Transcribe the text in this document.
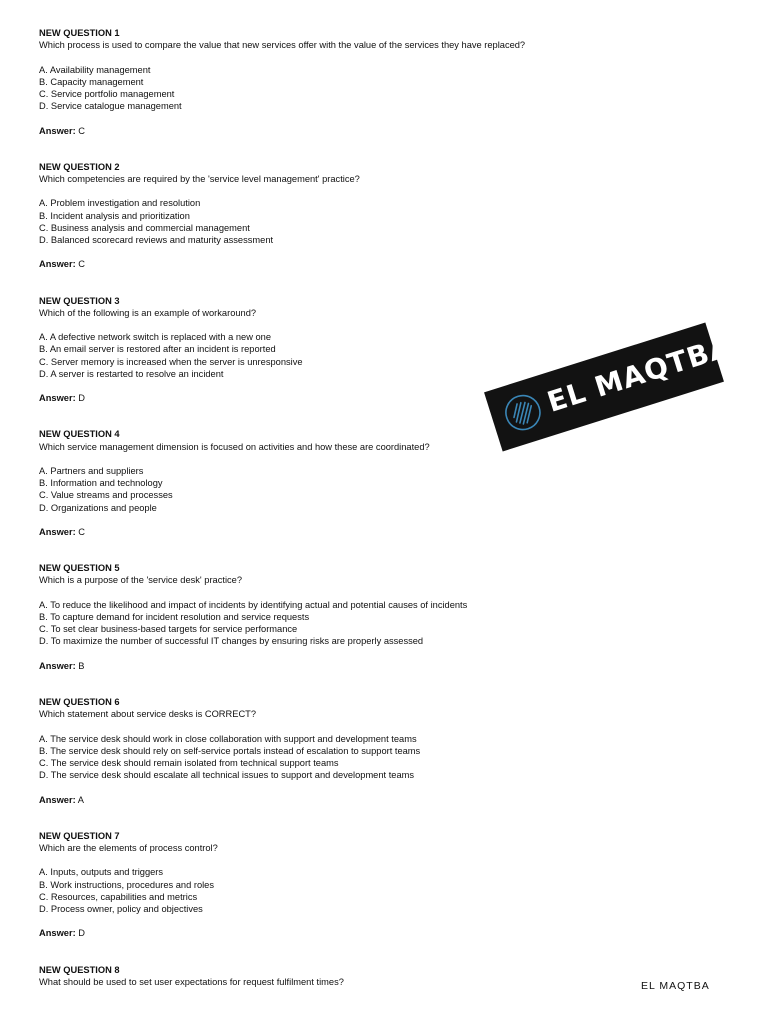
NEW QUESTION 1
Which process is used to compare the value that new services offer with the value of the services they have replaced?
A. Availability management
B. Capacity management
C. Service portfolio management
D. Service catalogue management
Answer: C
NEW QUESTION 2
Which competencies are required by the 'service level management' practice?
A. Problem investigation and resolution
B. Incident analysis and prioritization
C. Business analysis and commercial management
D. Balanced scorecard reviews and maturity assessment
Answer: C
NEW QUESTION 3
Which of the following is an example of workaround?
A. A defective network switch is replaced with a new one
B. An email server is restored after an incident is reported
C. Server memory is increased when the server is unresponsive
D. A server is restarted to resolve an incident
Answer: D
NEW QUESTION 4
Which service management dimension is focused on activities and how these are coordinated?
A. Partners and suppliers
B. Information and technology
C. Value streams and processes
D. Organizations and people
Answer: C
NEW QUESTION 5
Which is a purpose of the 'service desk' practice?
A. To reduce the likelihood and impact of incidents by identifying actual and potential causes of incidents
B. To capture demand for incident resolution and service requests
C. To set clear business-based targets for service performance
D. To maximize the number of successful IT changes by ensuring risks are properly assessed
Answer: B
NEW QUESTION 6
Which statement about service desks is CORRECT?
A. The service desk should work in close collaboration with support and development teams
B. The service desk should rely on self-service portals instead of escalation to support teams
C. The service desk should remain isolated from technical support teams
D. The service desk should escalate all technical issues to support and development teams
Answer: A
NEW QUESTION 7
Which are the elements of process control?
A. Inputs, outputs and triggers
B. Work instructions, procedures and roles
C. Resources, capabilities and metrics
D. Process owner, policy and objectives
Answer: D
NEW QUESTION 8
What should be used to set user expectations for request fulfilment times?
EL MAQTBA
EL MAQTBA
